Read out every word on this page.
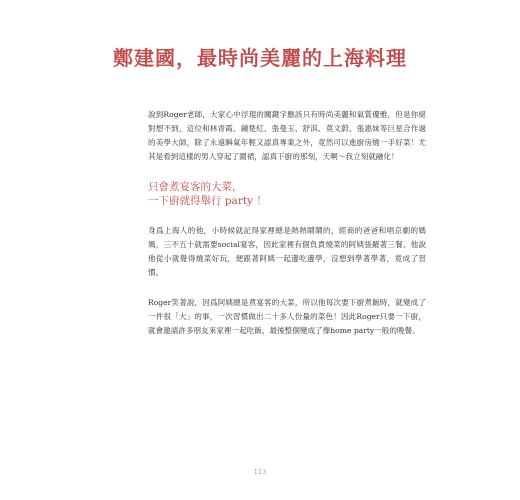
鄭建國，最時尚美麗的上海料理
說到Roger老師，大家心中浮現的關鍵字應該只有時尚美麗和氣質優雅，但是你絕對想不到，這位和林青霞、鍾楚紅、張曼玉、舒淇、莫文蔚、張惠妹等巨星合作過的美學大師，除了永遠瞬氣年輕又認真專業之外，竟然可以進廚房燒一手好菜！尤其是看到這樣的男人穿起了圍裙，認真下廚的那刻，天啊～我立刻就融化！
只會煮宴客的大菜，
一下廚就得舉行 party ！
身爲上海人的他，小時候就記得家裡總是熱熱鬧鬧的，經商的爸爸和唱京劇的媽媽，三不五十就需要social宴客，因此家裡有個負責燒菜的阿姨張羅著三餐。他說他從小就覺得燒菜好玩，便跟著阿姨一起邊吃邊學，沒想到學著學著，竟成了習慣。
Roger笑著說，因爲阿姨總是煮宴客的大菜，所以他每次要下廚煮飯時，就變成了一件很「大」的事，一次習慣做出二十多人份量的菜色！因此Roger只要一下廚，就會邀請許多朋友來家裡一起吃飯，最後整個變成了像home party一般的晚餐。
113
